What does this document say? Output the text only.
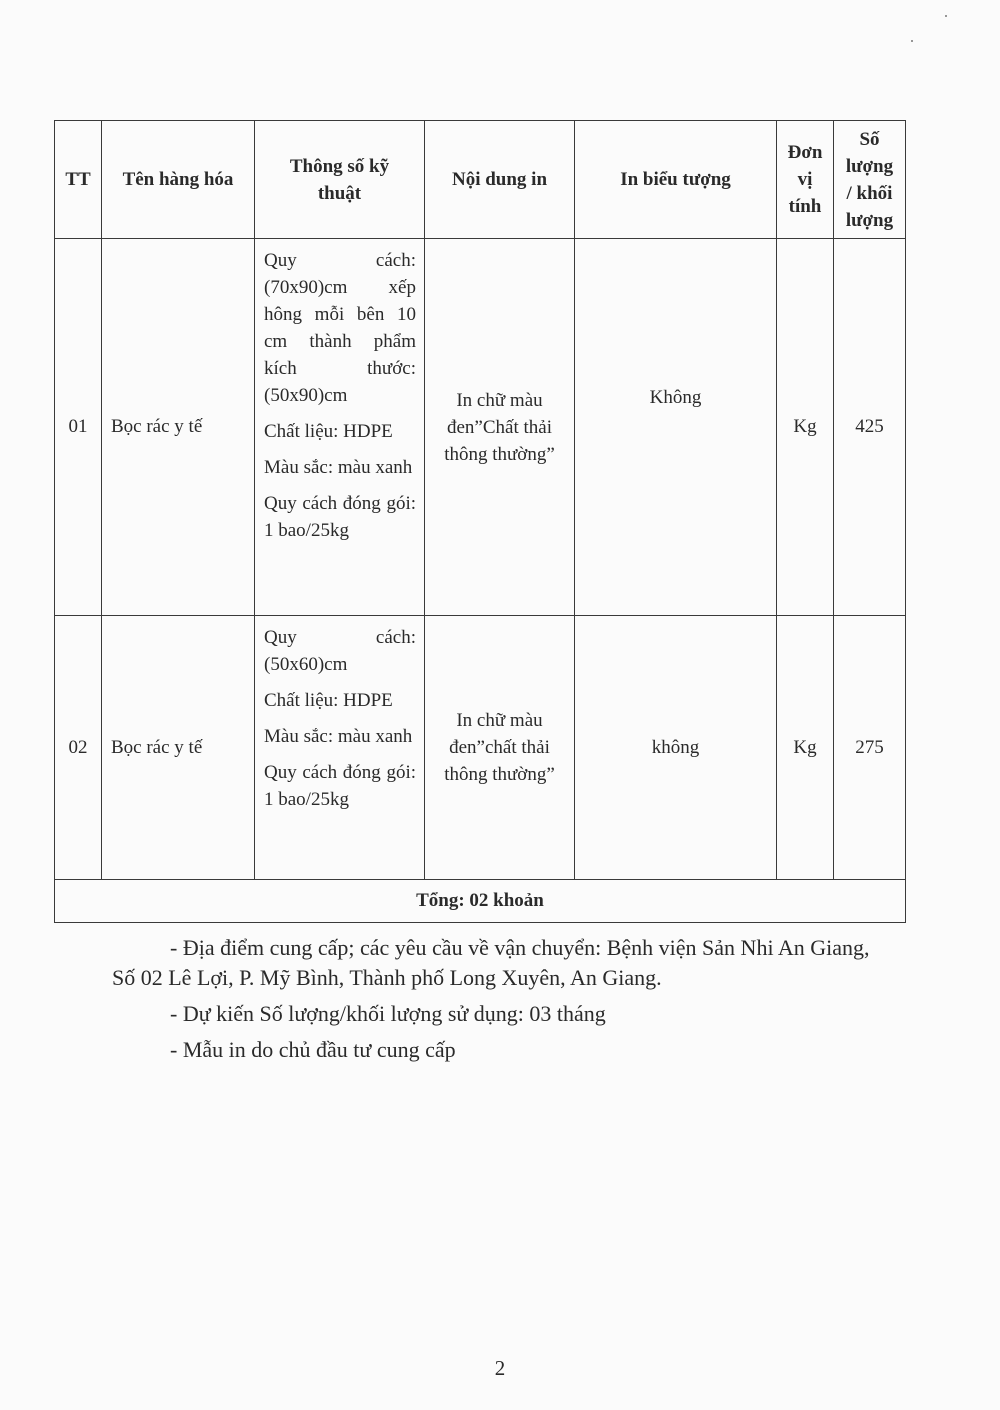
TT	Tên hàng hóa	Thông số kỹ thuật	Nội dung in	In biểu tượng	Đơn vị tính	Số lượng / khối lượng

01	Bọc rác y tế	Quy cách: (70x90)cm xếp hông mỗi bên 10 cm thành phẩm kích thước: (50x90)cm

Chất liệu: HDPE

Màu sắc: màu xanh

Quy cách đóng gói: 1 bao/25kg	In chữ màu đen”Chất thải thông thường”	Không	Kg	425
02	Bọc rác y tế	Quy cách: (50x60)cm

Chất liệu: HDPE

Màu sắc: màu xanh

Quy cách đóng gói: 1 bao/25kg	In chữ màu đen”chất thải thông thường”	không	Kg	275
Tổng: 02 khoản						

- Địa điểm cung cấp; các yêu cầu về vận chuyển: Bệnh viện Sản Nhi An Giang, Số 02 Lê Lợi, P. Mỹ Bình, Thành phố Long Xuyên, An Giang.

- Dự kiến Số lượng/khối lượng sử dụng: 03 tháng

- Mẫu in do chủ đầu tư cung cấp

2
